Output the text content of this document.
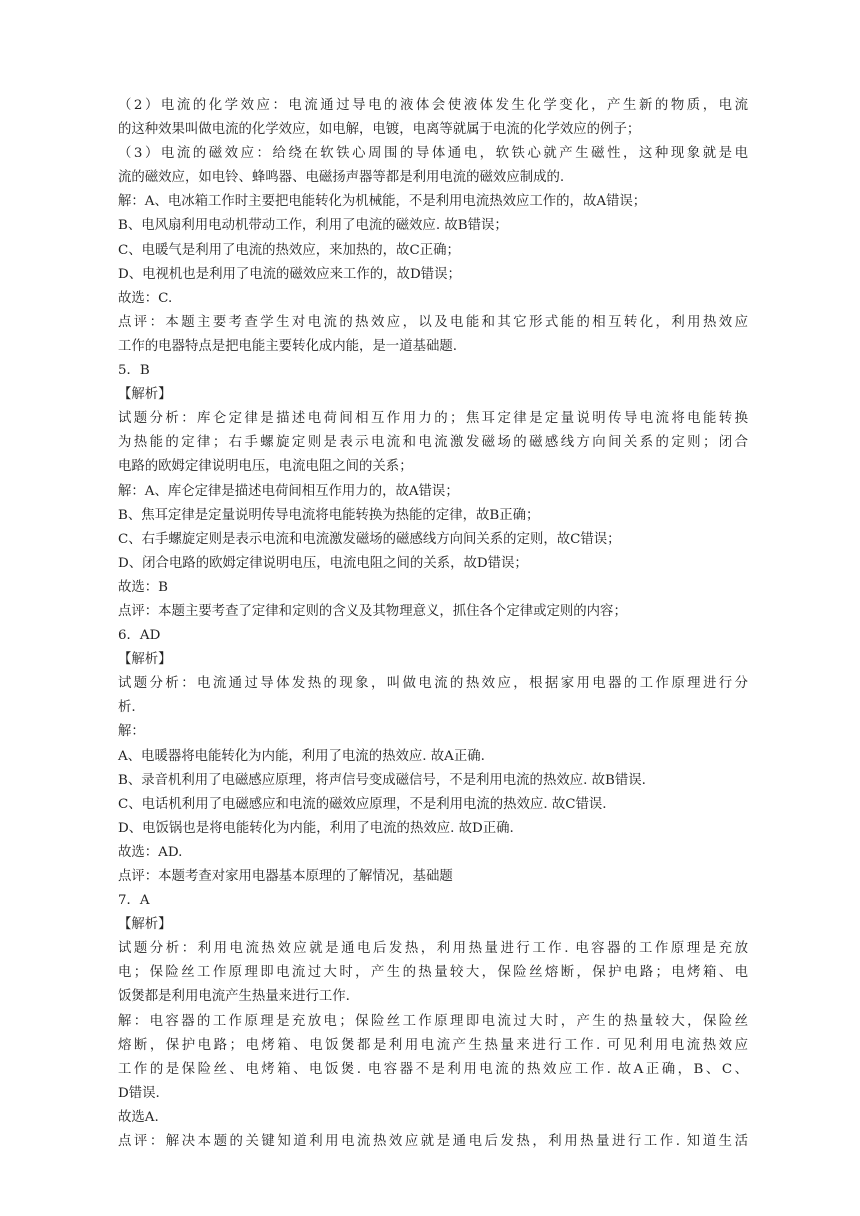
（2）电流的化学效应：电流通过导电的液体会使液体发生化学变化，产生新的物质，电流
的这种效果叫做电流的化学效应，如电解，电镀，电离等就属于电流的化学效应的例子；
（3）电流的磁效应：给绕在软铁心周围的导体通电，软铁心就产生磁性，这种现象就是电
流的磁效应，如电铃、蜂鸣器、电磁扬声器等都是利用电流的磁效应制成的.
解：A、电冰箱工作时主要把电能转化为机械能，不是利用电流热效应工作的，故A错误；
B、电风扇利用电动机带动工作，利用了电流的磁效应. 故B错误；
C、电暖气是利用了电流的热效应，来加热的，故C正确；
D、电视机也是利用了电流的磁效应来工作的，故D错误；
故选：C.
点评：本题主要考查学生对电流的热效应，以及电能和其它形式能的相互转化，利用热效应
工作的电器特点是把电能主要转化成内能，是一道基础题.
5．B
【解析】
试题分析：库仑定律是描述电荷间相互作用力的；焦耳定律是定量说明传导电流将电能转换
为热能的定律；右手螺旋定则是表示电流和电流激发磁场的磁感线方向间关系的定则；闭合
电路的欧姆定律说明电压，电流电阻之间的关系；
解：A、库仑定律是描述电荷间相互作用力的，故A错误；
B、焦耳定律是定量说明传导电流将电能转换为热能的定律，故B正确；
C、右手螺旋定则是表示电流和电流激发磁场的磁感线方向间关系的定则，故C错误；
D、闭合电路的欧姆定律说明电压，电流电阻之间的关系，故D错误；
故选：B
点评：本题主要考查了定律和定则的含义及其物理意义，抓住各个定律或定则的内容；
6．AD
【解析】
试题分析：电流通过导体发热的现象，叫做电流的热效应，根据家用电器的工作原理进行分
析.
解：
A、电暖器将电能转化为内能，利用了电流的热效应. 故A正确.
B、录音机利用了电磁感应原理，将声信号变成磁信号，不是利用电流的热效应. 故B错误.
C、电话机利用了电磁感应和电流的磁效应原理，不是利用电流的热效应. 故C错误.
D、电饭锅也是将电能转化为内能，利用了电流的热效应. 故D正确.
故选：AD.
点评：本题考查对家用电器基本原理的了解情况，基础题
7．A
【解析】
试题分析：利用电流热效应就是通电后发热，利用热量进行工作. 电容器的工作原理是充放
电；保险丝工作原理即电流过大时，产生的热量较大，保险丝熔断，保护电路；电烤箱、电
饭煲都是利用电流产生热量来进行工作.
解：电容器的工作原理是充放电；保险丝工作原理即电流过大时，产生的热量较大，保险丝
熔断，保护电路；电烤箱、电饭煲都是利用电流产生热量来进行工作. 可见利用电流热效应
工作的是保险丝、电烤箱、电饭煲. 电容器不是利用电流的热效应工作. 故A正确，B、C、
D错误.
故选A.
点评：解决本题的关键知道利用电流热效应就是通电后发热，利用热量进行工作. 知道生活
